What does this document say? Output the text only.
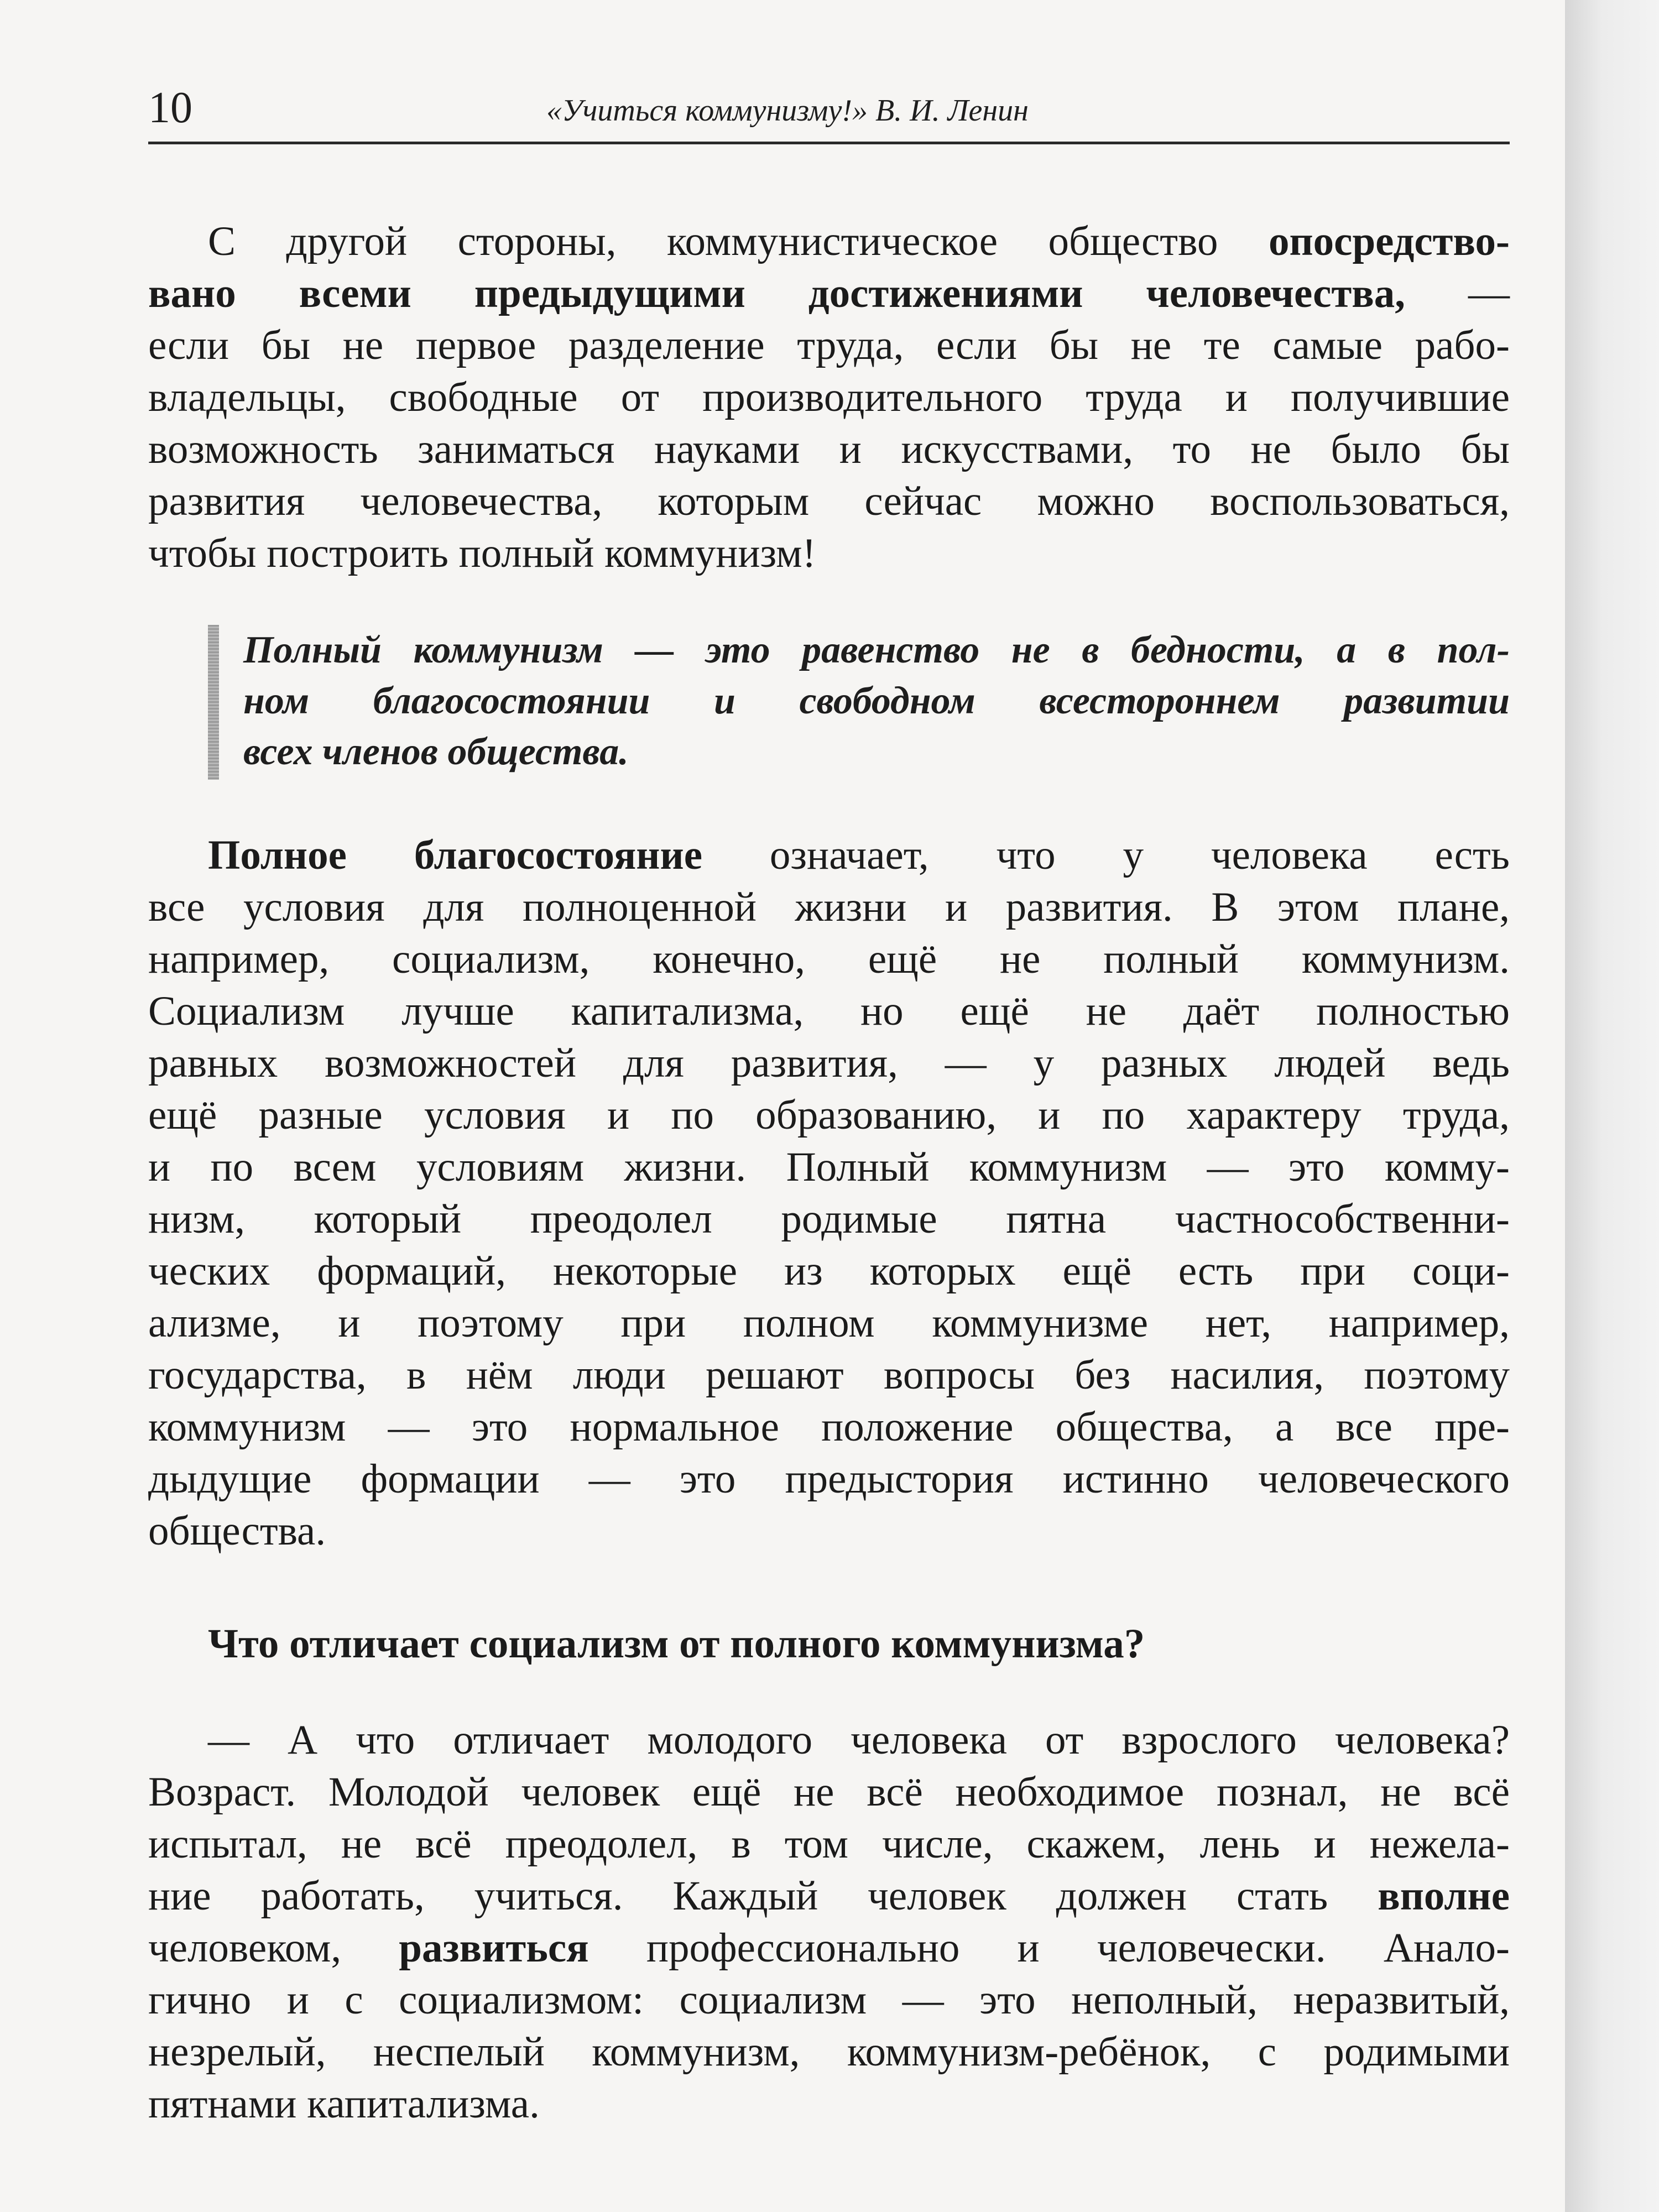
10	«Учиться коммунизму!» В. И. Ленин
С другой стороны, коммунистическое общество опосредство-
вано всеми предыдущими достижениями человечества, —
если бы не первое разделение труда, если бы не те самые рабо-
владельцы, свободные от производительного труда и получившие
возможность заниматься науками и искусствами, то не было бы
развития человечества, которым сейчас можно воспользоваться,
чтобы построить полный коммунизм!
Полный коммунизм — это равенство не в бедности, а в пол-
ном благосостоянии и свободном всестороннем развитии
всех членов общества.
Полное благосостояние означает, что у человека есть
все условия для полноценной жизни и развития. В этом плане,
например, социализм, конечно, ещё не полный коммунизм.
Социализм лучше капитализма, но ещё не даёт полностью
равных возможностей для развития, — у разных людей ведь
ещё разные условия и по образованию, и по характеру труда,
и по всем условиям жизни. Полный коммунизм — это комму-
низм, который преодолел родимые пятна частнособственни-
ческих формаций, некоторые из которых ещё есть при соци-
ализме, и поэтому при полном коммунизме нет, например,
государства, в нём люди решают вопросы без насилия, поэтому
коммунизм — это нормальное положение общества, а все пре-
дыдущие формации — это предыстория истинно человеческого
общества.
Что отличает социализм от полного коммунизма?
— А что отличает молодого человека от взрослого человека?
Возраст. Молодой человек ещё не всё необходимое познал, не всё
испытал, не всё преодолел, в том числе, скажем, лень и нежела-
ние работать, учиться. Каждый человек должен стать вполне
человеком, развиться профессионально и человечески. Анало-
гично и с социализмом: социализм — это неполный, неразвитый,
незрелый, неспелый коммунизм, коммунизм-ребёнок, с родимыми
пятнами капитализма.
